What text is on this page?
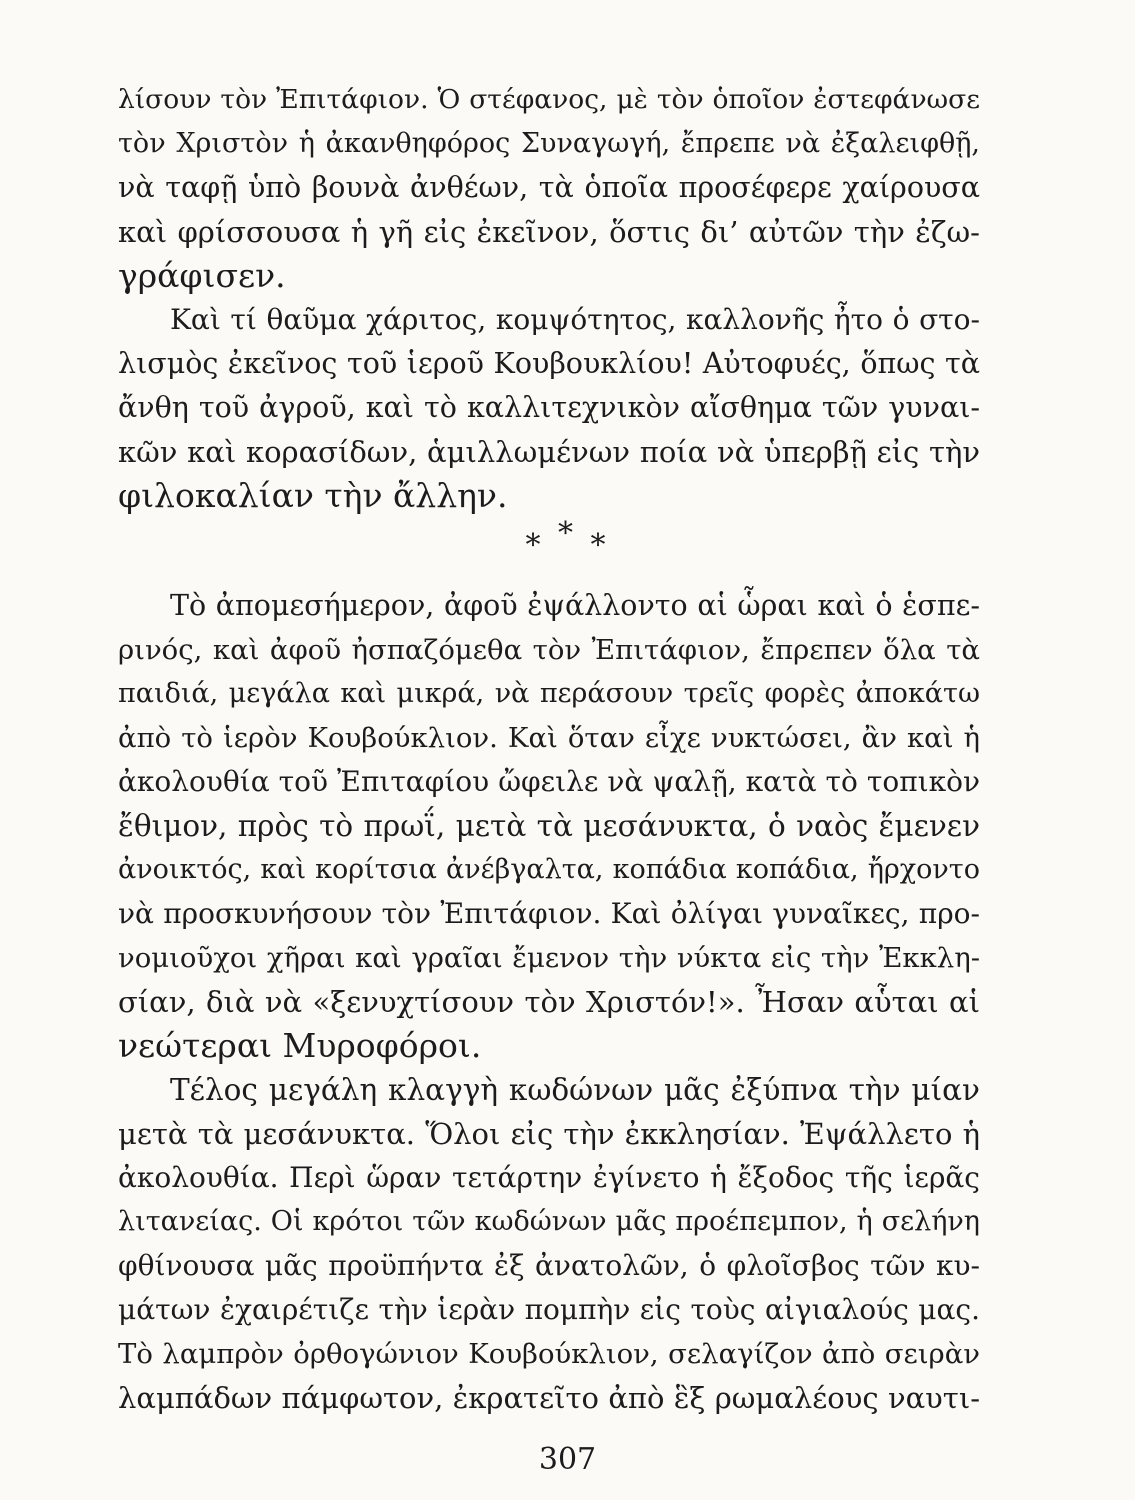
λίσουν τὸν Ἐπιτάφιον. Ὁ στέφανος, μὲ τὸν ὁποῖον ἐστεφάνωσε
τὸν Χριστὸν ἡ ἀκανθηφόρος Συναγωγή, ἔπρεπε νὰ ἐξαλειφθῇ,
νὰ ταφῇ ὑπὸ βουνὰ ἀνθέων, τὰ ὁποῖα προσέφερε χαίρουσα
καὶ φρίσσουσα ἡ γῆ εἰς ἐκεῖνον, ὅστις δι’ αὐτῶν τὴν ἐζω-
γράφισεν.
Καὶ τί θαῦμα χάριτος, κομψότητος, καλλονῆς ἦτο ὁ στο-
λισμὸς ἐκεῖνος τοῦ ἱεροῦ Κουβουκλίου! Αὐτοφυές, ὅπως τὰ
ἄνθη τοῦ ἀγροῦ, καὶ τὸ καλλιτεχνικὸν αἴσθημα τῶν γυναι-
κῶν καὶ κορασίδων, ἁμιλλωμένων ποία νὰ ὑπερβῇ εἰς τὴν
φιλοκαλίαν τὴν ἄλλην.
* * *
Τὸ ἀπομεσήμερον, ἀφοῦ ἐψάλλοντο αἱ ὧραι καὶ ὁ ἑσπε-
ρινός, καὶ ἀφοῦ ἠσπαζόμεθα τὸν Ἐπιτάφιον, ἔπρεπεν ὅλα τὰ
παιδιά, μεγάλα καὶ μικρά, νὰ περάσουν τρεῖς φορὲς ἀποκάτω
ἀπὸ τὸ ἱερὸν Κουβούκλιον. Καὶ ὅταν εἶχε νυκτώσει, ἂν καὶ ἡ
ἀκολουθία τοῦ Ἐπιταφίου ὤφειλε νὰ ψαλῇ, κατὰ τὸ τοπικὸν
ἔθιμον, πρὸς τὸ πρωΐ, μετὰ τὰ μεσάνυκτα, ὁ ναὸς ἔμενεν
ἀνοικτός, καὶ κορίτσια ἀνέβγαλτα, κοπάδια κοπάδια, ἤρχοντο
νὰ προσκυνήσουν τὸν Ἐπιτάφιον. Καὶ ὀλίγαι γυναῖκες, προ-
νομιοῦχοι χῆραι καὶ γραῖαι ἔμενον τὴν νύκτα εἰς τὴν Ἐκκλη-
σίαν, διὰ νὰ «ξενυχτίσουν τὸν Χριστόν!». Ἦσαν αὗται αἱ
νεώτεραι Μυροφόροι.
Τέλος μεγάλη κλαγγὴ κωδώνων μᾶς ἐξύπνα τὴν μίαν
μετὰ τὰ μεσάνυκτα. Ὅλοι εἰς τὴν ἐκκλησίαν. Ἐψάλλετο ἡ
ἀκολουθία. Περὶ ὥραν τετάρτην ἐγίνετο ἡ ἔξοδος τῆς ἱερᾶς
λιτανείας. Οἱ κρότοι τῶν κωδώνων μᾶς προέπεμπον, ἡ σελήνη
φθίνουσα μᾶς προϋπήντα ἐξ ἀνατολῶν, ὁ φλοῖσβος τῶν κυ-
μάτων ἐχαιρέτιζε τὴν ἱερὰν πομπὴν εἰς τοὺς αἰγιαλούς μας.
Τὸ λαμπρὸν ὀρθογώνιον Κουβούκλιον, σελαγίζον ἀπὸ σειρὰν
λαμπάδων πάμφωτον, ἐκρατεῖτο ἀπὸ ἓξ ρωμαλέους ναυτι-
307
